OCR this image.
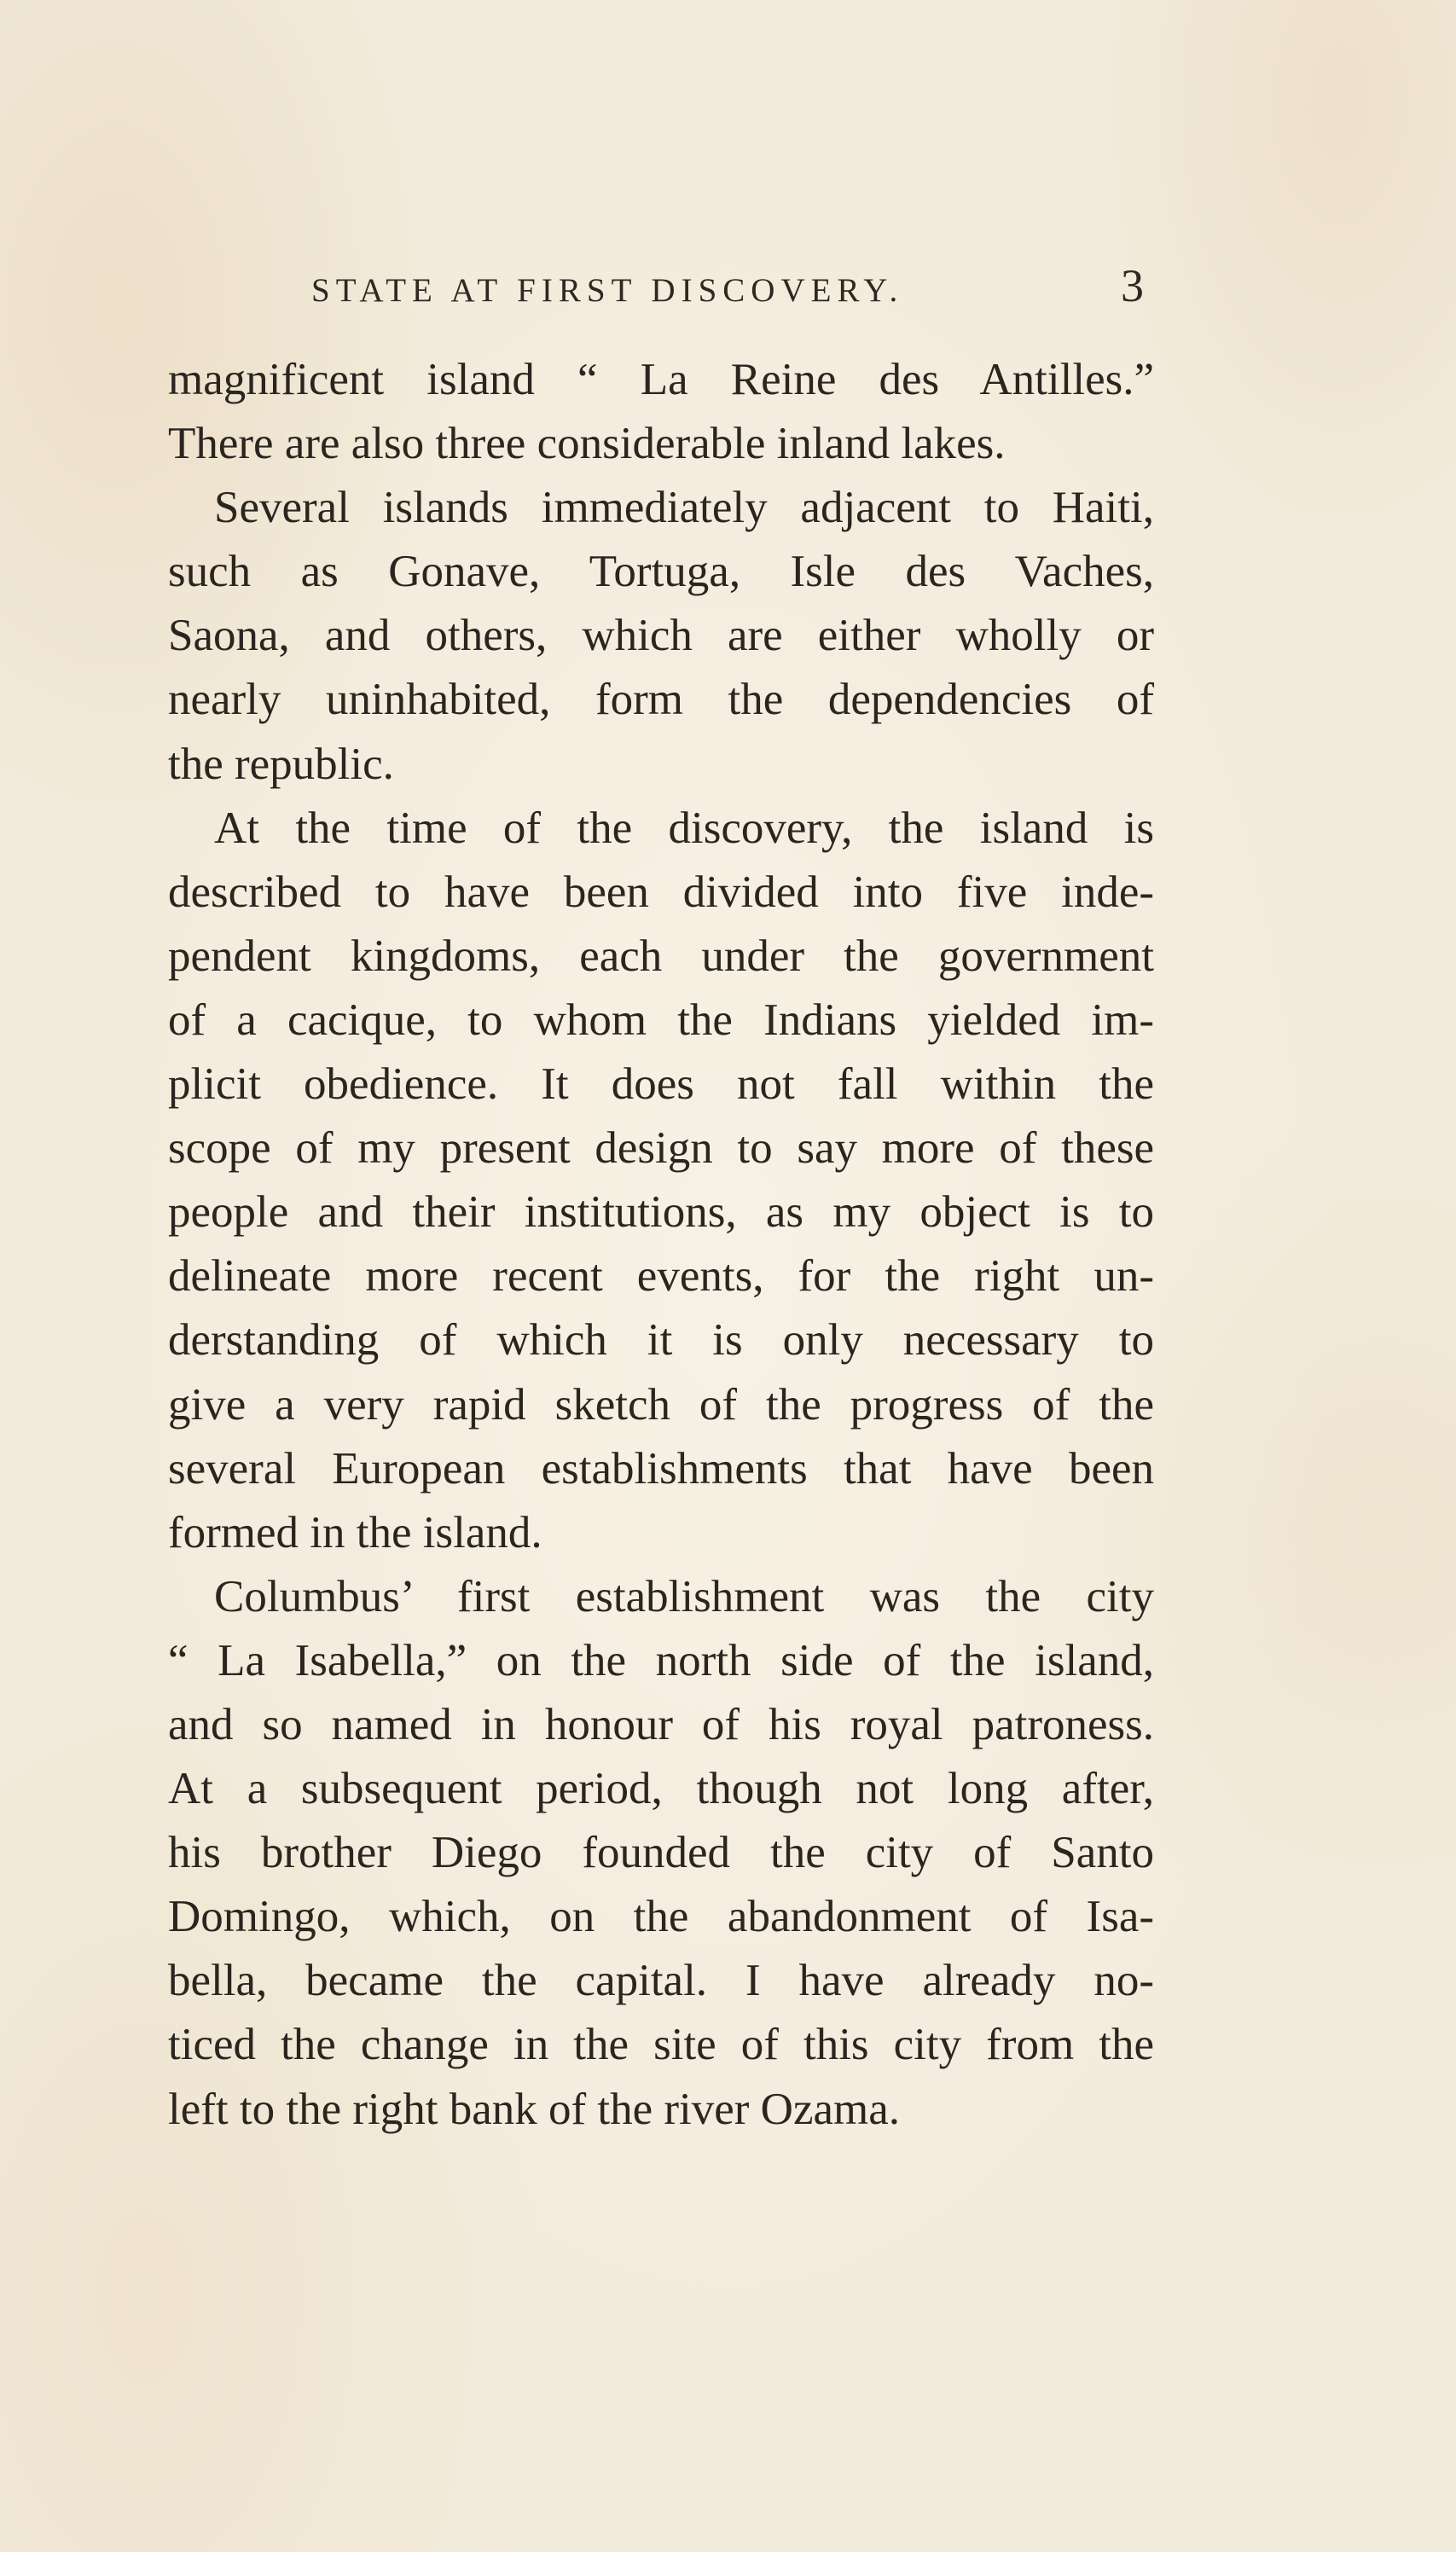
STATE AT FIRST DISCOVERY.	3
magnificent island “ La Reine des Antilles.”
There are also three considerable inland lakes.
Several islands immediately adjacent to Haiti,
such as Gonave, Tortuga, Isle des Vaches,
Saona, and others, which are either wholly or
nearly uninhabited, form the dependencies of
the republic.
At the time of the discovery, the island is
described to have been divided into five inde-
pendent kingdoms, each under the government
of a cacique, to whom the Indians yielded im-
plicit obedience. It does not fall within the
scope of my present design to say more of these
people and their institutions, as my object is to
delineate more recent events, for the right un-
derstanding of which it is only necessary to
give a very rapid sketch of the progress of the
several European establishments that have been
formed in the island.
Columbus’ first establishment was the city
“ La Isabella,” on the north side of the island,
and so named in honour of his royal patroness.
At a subsequent period, though not long after,
his brother Diego founded the city of Santo
Domingo, which, on the abandonment of Isa-
bella, became the capital. I have already no-
ticed the change in the site of this city from the
left to the right bank of the river Ozama.
